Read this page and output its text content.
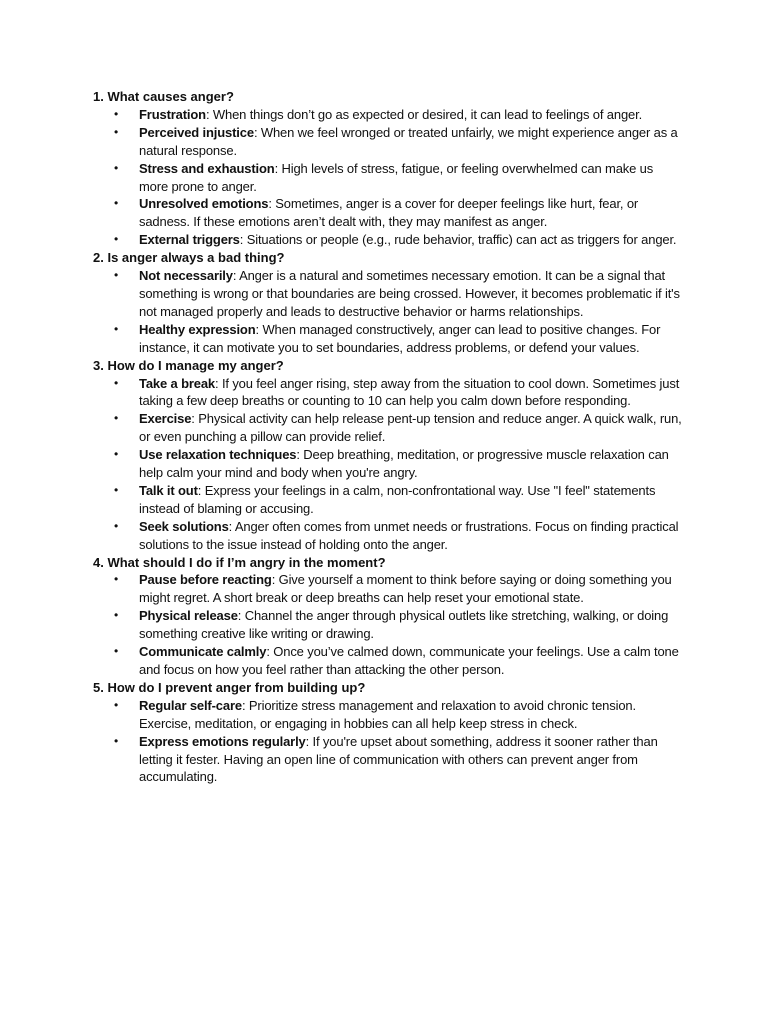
1. What causes anger?

• Frustration: When things don’t go as expected or desired, it can lead to feelings of anger.
• Perceived injustice: When we feel wronged or treated unfairly, we might experience anger as a natural response.
• Stress and exhaustion: High levels of stress, fatigue, or feeling overwhelmed can make us more prone to anger.
• Unresolved emotions: Sometimes, anger is a cover for deeper feelings like hurt, fear, or sadness. If these emotions aren’t dealt with, they may manifest as anger.
• External triggers: Situations or people (e.g., rude behavior, traffic) can act as triggers for anger.

2. Is anger always a bad thing?

• Not necessarily: Anger is a natural and sometimes necessary emotion. It can be a signal that something is wrong or that boundaries are being crossed. However, it becomes problematic if it's not managed properly and leads to destructive behavior or harms relationships.
• Healthy expression: When managed constructively, anger can lead to positive changes. For instance, it can motivate you to set boundaries, address problems, or defend your values.

3. How do I manage my anger?

• Take a break: If you feel anger rising, step away from the situation to cool down. Sometimes just taking a few deep breaths or counting to 10 can help you calm down before responding.
• Exercise: Physical activity can help release pent-up tension and reduce anger. A quick walk, run, or even punching a pillow can provide relief.
• Use relaxation techniques: Deep breathing, meditation, or progressive muscle relaxation can help calm your mind and body when you're angry.
• Talk it out: Express your feelings in a calm, non-confrontational way. Use "I feel" statements instead of blaming or accusing.
• Seek solutions: Anger often comes from unmet needs or frustrations. Focus on finding practical solutions to the issue instead of holding onto the anger.

4. What should I do if I’m angry in the moment?

• Pause before reacting: Give yourself a moment to think before saying or doing something you might regret. A short break or deep breaths can help reset your emotional state.
• Physical release: Channel the anger through physical outlets like stretching, walking, or doing something creative like writing or drawing.
• Communicate calmly: Once you’ve calmed down, communicate your feelings. Use a calm tone and focus on how you feel rather than attacking the other person.

5. How do I prevent anger from building up?

• Regular self-care: Prioritize stress management and relaxation to avoid chronic tension. Exercise, meditation, or engaging in hobbies can all help keep stress in check.
• Express emotions regularly: If you're upset about something, address it sooner rather than letting it fester. Having an open line of communication with others can prevent anger from accumulating.
